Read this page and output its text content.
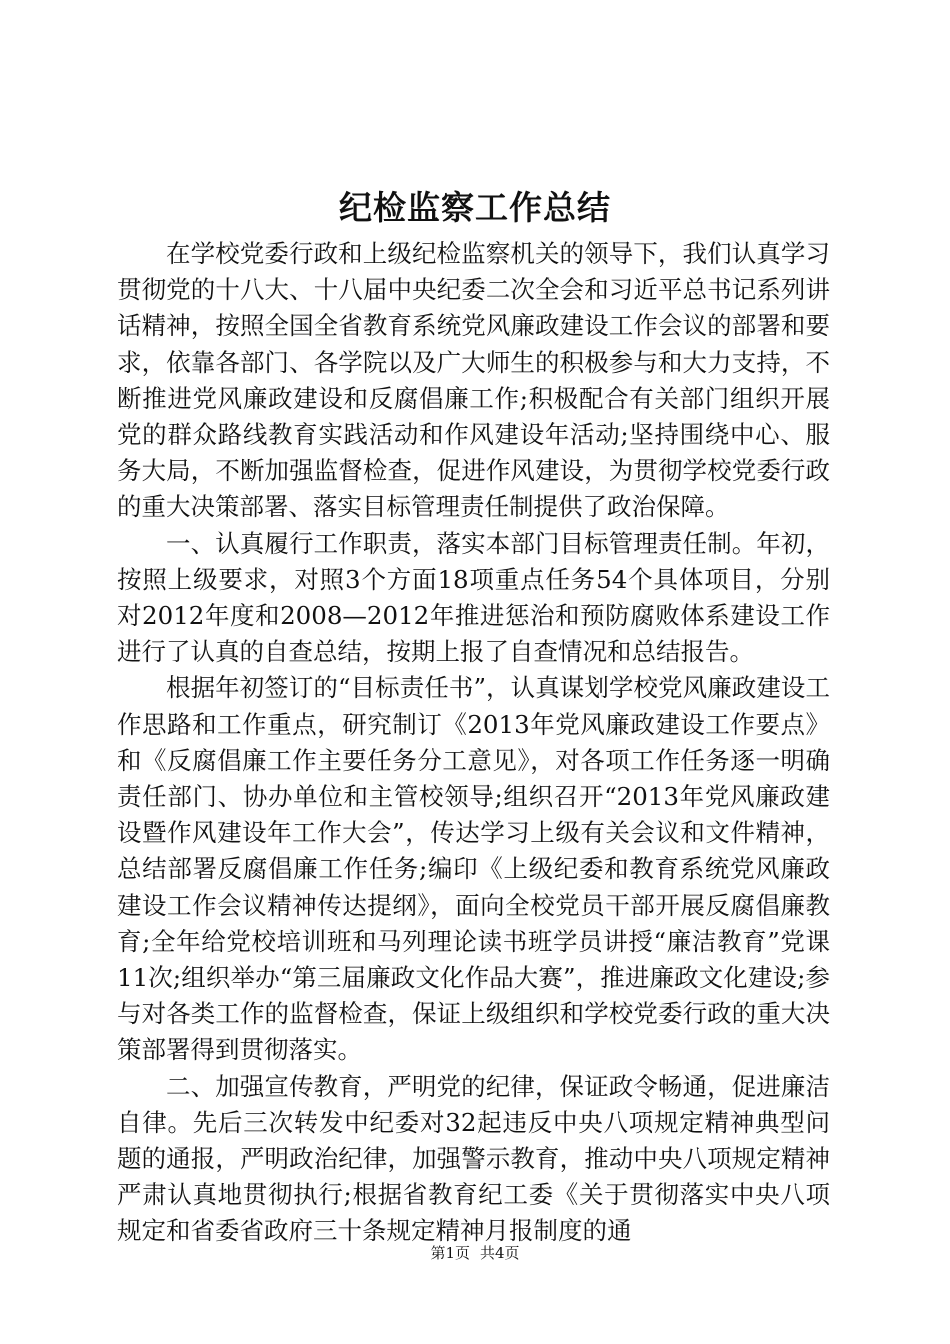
纪检监察工作总结

在学校党委行政和上级纪检监察机关的领导下，我们认真学习贯彻党的十八大、十八届中央纪委二次全会和习近平总书记系列讲话精神，按照全国全省教育系统党风廉政建设工作会议的部署和要求，依靠各部门、各学院以及广大师生的积极参与和大力支持，不断推进党风廉政建设和反腐倡廉工作;积极配合有关部门组织开展党的群众路线教育实践活动和作风建设年活动;坚持围绕中心、服务大局，不断加强监督检查，促进作风建设，为贯彻学校党委行政的重大决策部署、落实目标管理责任制提供了政治保障。

一、认真履行工作职责，落实本部门目标管理责任制。年初，按照上级要求，对照3个方面18项重点任务54个具体项目，分别对2012年度和2008—2012年推进惩治和预防腐败体系建设工作进行了认真的自查总结，按期上报了自查情况和总结报告。

根据年初签订的“目标责任书”，认真谋划学校党风廉政建设工作思路和工作重点，研究制订《2013年党风廉政建设工作要点》和《反腐倡廉工作主要任务分工意见》，对各项工作任务逐一明确责任部门、协办单位和主管校领导;组织召开“2013年党风廉政建设暨作风建设年工作大会”，传达学习上级有关会议和文件精神，总结部署反腐倡廉工作任务;编印《上级纪委和教育系统党风廉政建设工作会议精神传达提纲》，面向全校党员干部开展反腐倡廉教育;全年给党校培训班和马列理论读书班学员讲授“廉洁教育”党课11次;组织举办“第三届廉政文化作品大赛”，推进廉政文化建设;参与对各类工作的监督检查，保证上级组织和学校党委行政的重大决策部署得到贯彻落实。

二、加强宣传教育，严明党的纪律，保证政令畅通，促进廉洁自律。先后三次转发中纪委对32起违反中央八项规定精神典型问题的通报，严明政治纪律，加强警示教育，推动中央八项规定精神严肃认真地贯彻执行;根据省教育纪工委《关于贯彻落实中央八项规定和省委省政府三十条规定精神月报制度的通

第1页 共4页
